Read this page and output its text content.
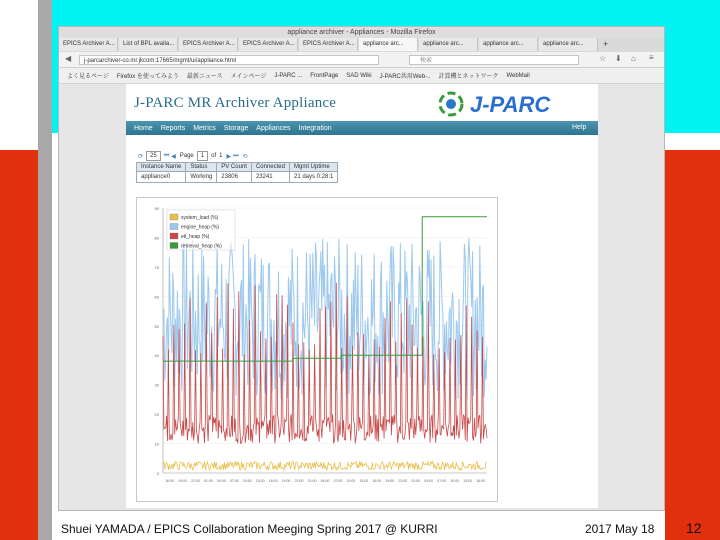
appliance archiver - Appliances - Mozilla Firefox
EPICS Archiver A...	List of BPL availa...	EPICS Archiver A...	EPICS Archiver A...	EPICS Archiver A...	appliance arc...	appliance arc...	appliance arc...	appliance arc...	+
◀	j-parcarchiver-co.mr.jkcom:17665/mgmt/ui/appliance.html	検索	☆ ⬇ ⌂ ≡
よく見るページ Firefox を使ってみよう 最新ニュース メインページ J-PARC ... FrontPage SAD Wiki J-PARC共用Web-.. 計算機とネットワーク WebMail
J-PARC MR Archiver Appliance	J-PARC
Home Reports Metrics Storage Appliances Integration	Help
⟳	25	⏮ ◀ Page	1	of 1 ▶ ⏭ ⟲
Instance Name	Status	PV Count	Connected	Mgmt Uptime
appliance0	Working	23806	23241	21 days 0:28:1
0
10
20
30
40
50
60
70
80
90
16:00 19:00 22:00 01:00 04:00 07:00 10:00 13:00 16:00 19:00 22:00 01:00 04:00 07:00 10:00 13:00 16:00 19:00 22:00 01:00 04:00 07:00 10:00 13:00 16:00
system_load (%)
engine_heap (%)
etl_heap (%)
retrieval_heap (%)
Shuei YAMADA / EPICS Collaboration Meeging Spring 2017 @ KURRI	2017 May 18 12
